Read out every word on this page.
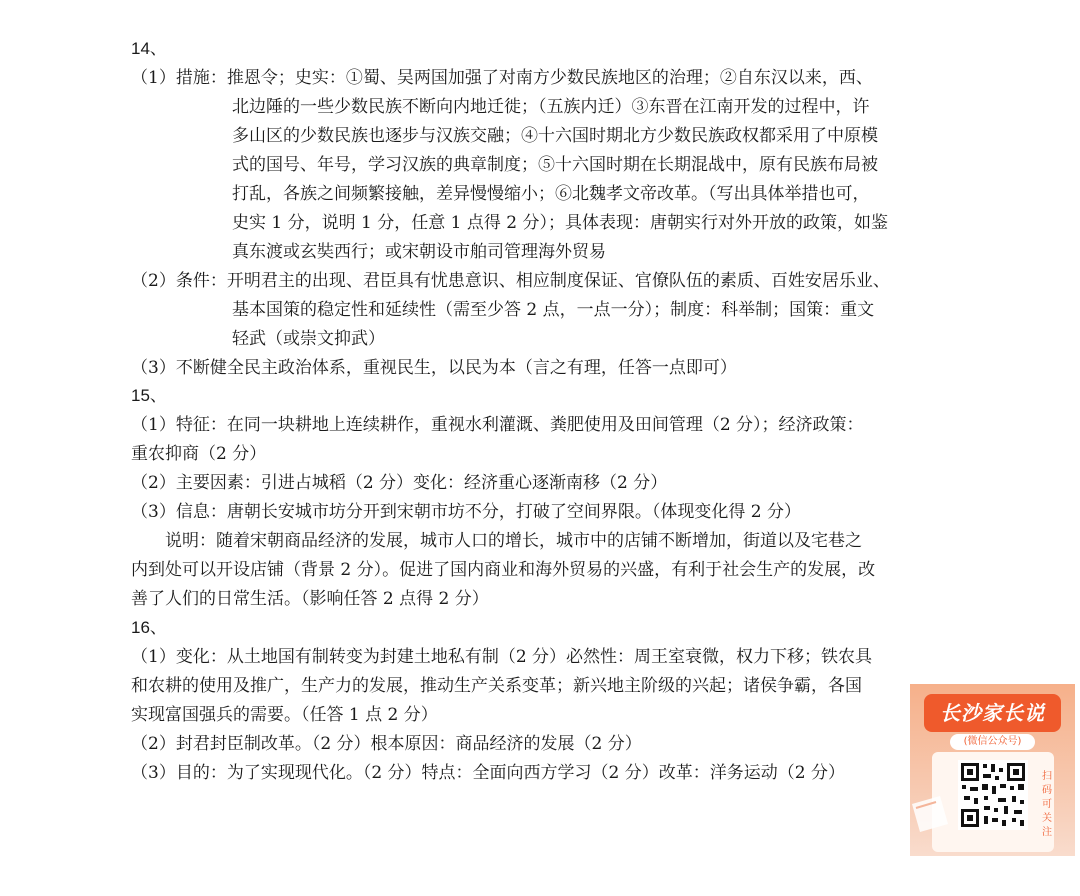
14、
（1）措施：推恩令；史实：①蜀、吴两国加强了对南方少数民族地区的治理；②自东汉以来，西、
北边陲的一些少数民族不断向内地迁徙；（五族内迁）③东晋在江南开发的过程中，许
多山区的少数民族也逐步与汉族交融；④十六国时期北方少数民族政权都采用了中原模
式的国号、年号，学习汉族的典章制度；⑤十六国时期在长期混战中，原有民族布局被
打乱，各族之间频繁接触，差异慢慢缩小；⑥北魏孝文帝改革。（写出具体举措也可，
史实 1 分，说明 1 分，任意 1 点得 2 分）；具体表现：唐朝实行对外开放的政策，如鉴
真东渡或玄奘西行；或宋朝设市舶司管理海外贸易
（2）条件：开明君主的出现、君臣具有忧患意识、相应制度保证、官僚队伍的素质、百姓安居乐业、
基本国策的稳定性和延续性（需至少答 2 点，一点一分）；制度：科举制；国策：重文
轻武（或崇文抑武）
（3）不断健全民主政治体系，重视民生，以民为本（言之有理，任答一点即可）
15、
（1）特征：在同一块耕地上连续耕作，重视水利灌溉、粪肥使用及田间管理（2 分）；经济政策：
重农抑商（2 分）
（2）主要因素：引进占城稻（2 分）变化：经济重心逐渐南移（2 分）
（3）信息：唐朝长安城市坊分开到宋朝市坊不分，打破了空间界限。（体现变化得 2 分）
说明：随着宋朝商品经济的发展，城市人口的增长，城市中的店铺不断增加，街道以及宅巷之
内到处可以开设店铺（背景 2 分）。促进了国内商业和海外贸易的兴盛，有利于社会生产的发展，改
善了人们的日常生活。（影响任答 2 点得 2 分）
16、
（1）变化：从土地国有制转变为封建土地私有制（2 分）必然性：周王室衰微，权力下移；铁农具
和农耕的使用及推广，生产力的发展，推动生产关系变革；新兴地主阶级的兴起；诸侯争霸，各国
实现富国强兵的需要。（任答 1 点 2 分）
（2）封君封臣制改革。（2 分）根本原因：商品经济的发展（2 分）
（3）目的：为了实现现代化。（2 分）特点：全面向西方学习（2 分）改革：洋务运动（2 分）
长沙家长说
(微信公众号)
扫码可关注
